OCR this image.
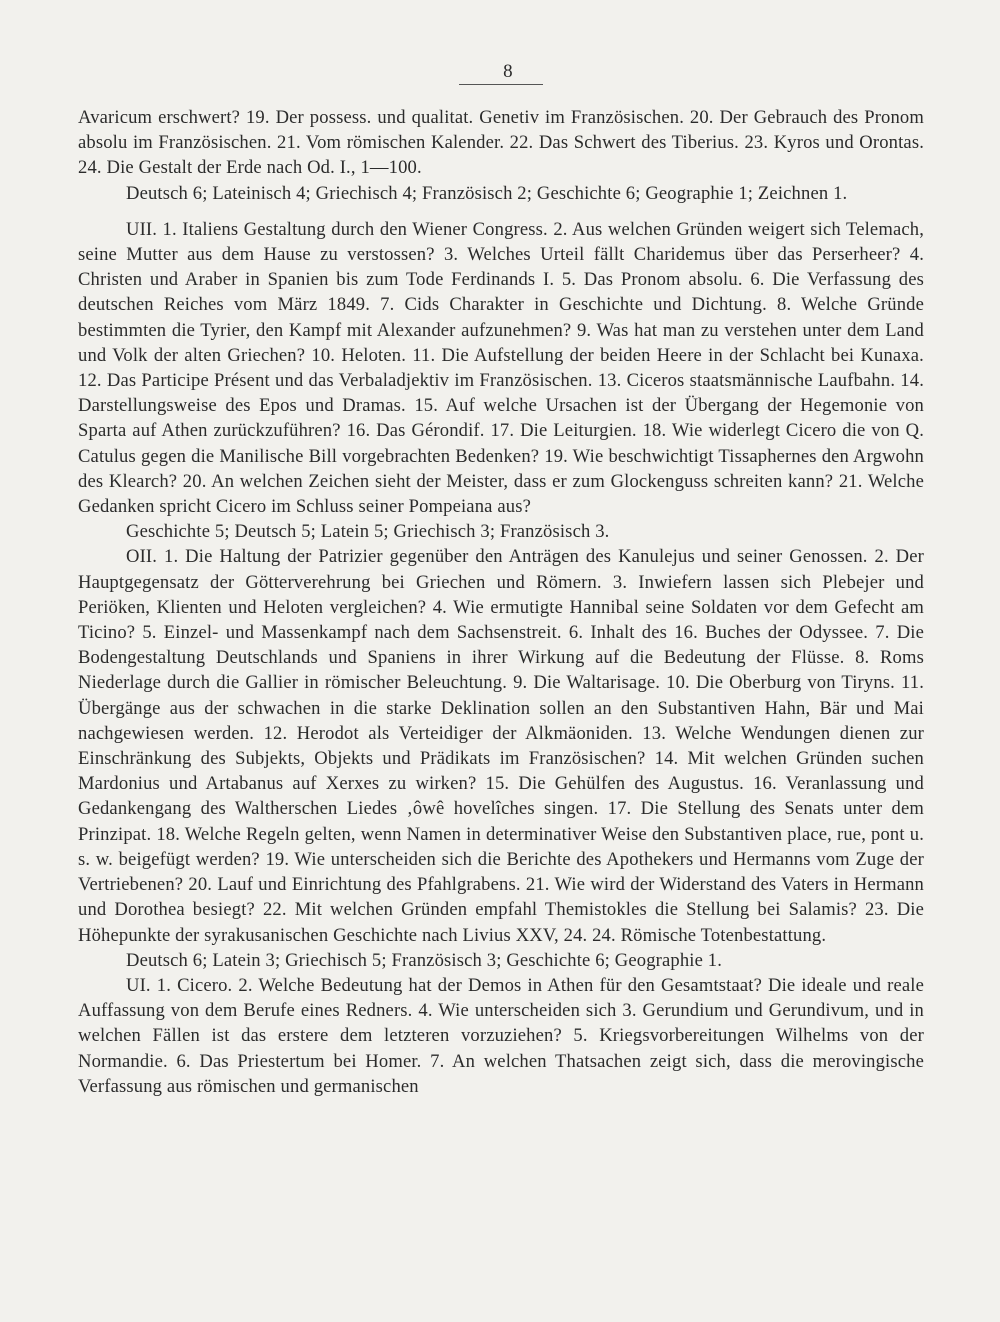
8

Avaricum erschwert? 19. Der possess. und qualitat. Genetiv im Französischen. 20. Der Gebrauch des Pronom absolu im Französischen. 21. Vom römischen Kalender. 22. Das Schwert des Tiberius. 23. Kyros und Orontas. 24. Die Gestalt der Erde nach Od. I., 1—100.

Deutsch 6; Lateinisch 4; Griechisch 4; Französisch 2; Geschichte 6; Geographie 1; Zeichnen 1.

UII. 1. Italiens Gestaltung durch den Wiener Congress. 2. Aus welchen Gründen weigert sich Telemach, seine Mutter aus dem Hause zu verstossen? 3. Welches Urteil fällt Charidemus über das Perserheer? 4. Christen und Araber in Spanien bis zum Tode Ferdinands I. 5. Das Pronom absolu. 6. Die Verfassung des deutschen Reiches vom März 1849. 7. Cids Charakter in Geschichte und Dichtung. 8. Welche Gründe bestimmten die Tyrier, den Kampf mit Alexander aufzunehmen? 9. Was hat man zu verstehen unter dem Land und Volk der alten Griechen? 10. Heloten. 11. Die Aufstellung der beiden Heere in der Schlacht bei Kunaxa. 12. Das Participe Présent und das Verbaladjektiv im Französischen. 13. Ciceros staatsmännische Laufbahn. 14. Darstellungsweise des Epos und Dramas. 15. Auf welche Ursachen ist der Übergang der Hegemonie von Sparta auf Athen zurückzuführen? 16. Das Gérondif. 17. Die Leiturgien. 18. Wie widerlegt Cicero die von Q. Catulus gegen die Manilische Bill vorgebrachten Bedenken? 19. Wie beschwichtigt Tissaphernes den Argwohn des Klearch? 20. An welchen Zeichen sieht der Meister, dass er zum Glockenguss schreiten kann? 21. Welche Gedanken spricht Cicero im Schluss seiner Pompeiana aus?

Geschichte 5; Deutsch 5; Latein 5; Griechisch 3; Französisch 3.

OII. 1. Die Haltung der Patrizier gegenüber den Anträgen des Kanulejus und seiner Genossen. 2. Der Hauptgegensatz der Götterverehrung bei Griechen und Römern. 3. Inwiefern lassen sich Plebejer und Periöken, Klienten und Heloten vergleichen? 4. Wie ermutigte Hannibal seine Soldaten vor dem Gefecht am Ticino? 5. Einzel- und Massenkampf nach dem Sachsenstreit. 6. Inhalt des 16. Buches der Odyssee. 7. Die Bodengestaltung Deutschlands und Spaniens in ihrer Wirkung auf die Bedeutung der Flüsse. 8. Roms Niederlage durch die Gallier in römischer Beleuchtung. 9. Die Waltarisage. 10. Die Oberburg von Tiryns. 11. Übergänge aus der schwachen in die starke Deklination sollen an den Substantiven Hahn, Bär und Mai nachgewiesen werden. 12. Herodot als Verteidiger der Alkmäoniden. 13. Welche Wendungen dienen zur Einschränkung des Subjekts, Objekts und Prädikats im Französischen? 14. Mit welchen Gründen suchen Mardonius und Artabanus auf Xerxes zu wirken? 15. Die Gehülfen des Augustus. 16. Veranlassung und Gedankengang des Waltherschen Liedes ‚ôwê hovelîches singen. 17. Die Stellung des Senats unter dem Prinzipat. 18. Welche Regeln gelten, wenn Namen in determinativer Weise den Substantiven place, rue, pont u. s. w. beigefügt werden? 19. Wie unterscheiden sich die Berichte des Apothekers und Hermanns vom Zuge der Vertriebenen? 20. Lauf und Einrichtung des Pfahlgrabens. 21. Wie wird der Widerstand des Vaters in Hermann und Dorothea besiegt? 22. Mit welchen Gründen empfahl Themistokles die Stellung bei Salamis? 23. Die Höhepunkte der syrakusanischen Geschichte nach Livius XXV, 24. 24. Römische Totenbestattung.

Deutsch 6; Latein 3; Griechisch 5; Französisch 3; Geschichte 6; Geographie 1.

UI. 1. Cicero. 2. Welche Bedeutung hat der Demos in Athen für den Gesamtstaat? Die ideale und reale Auffassung von dem Berufe eines Redners. 4. Wie unterscheiden sich 3. Gerundium und Gerundivum, und in welchen Fällen ist das erstere dem letzteren vorzuziehen? 5. Kriegsvorbereitungen Wilhelms von der Normandie. 6. Das Priestertum bei Homer. 7. An welchen Thatsachen zeigt sich, dass die merovingische Verfassung aus römischen und germanischen
